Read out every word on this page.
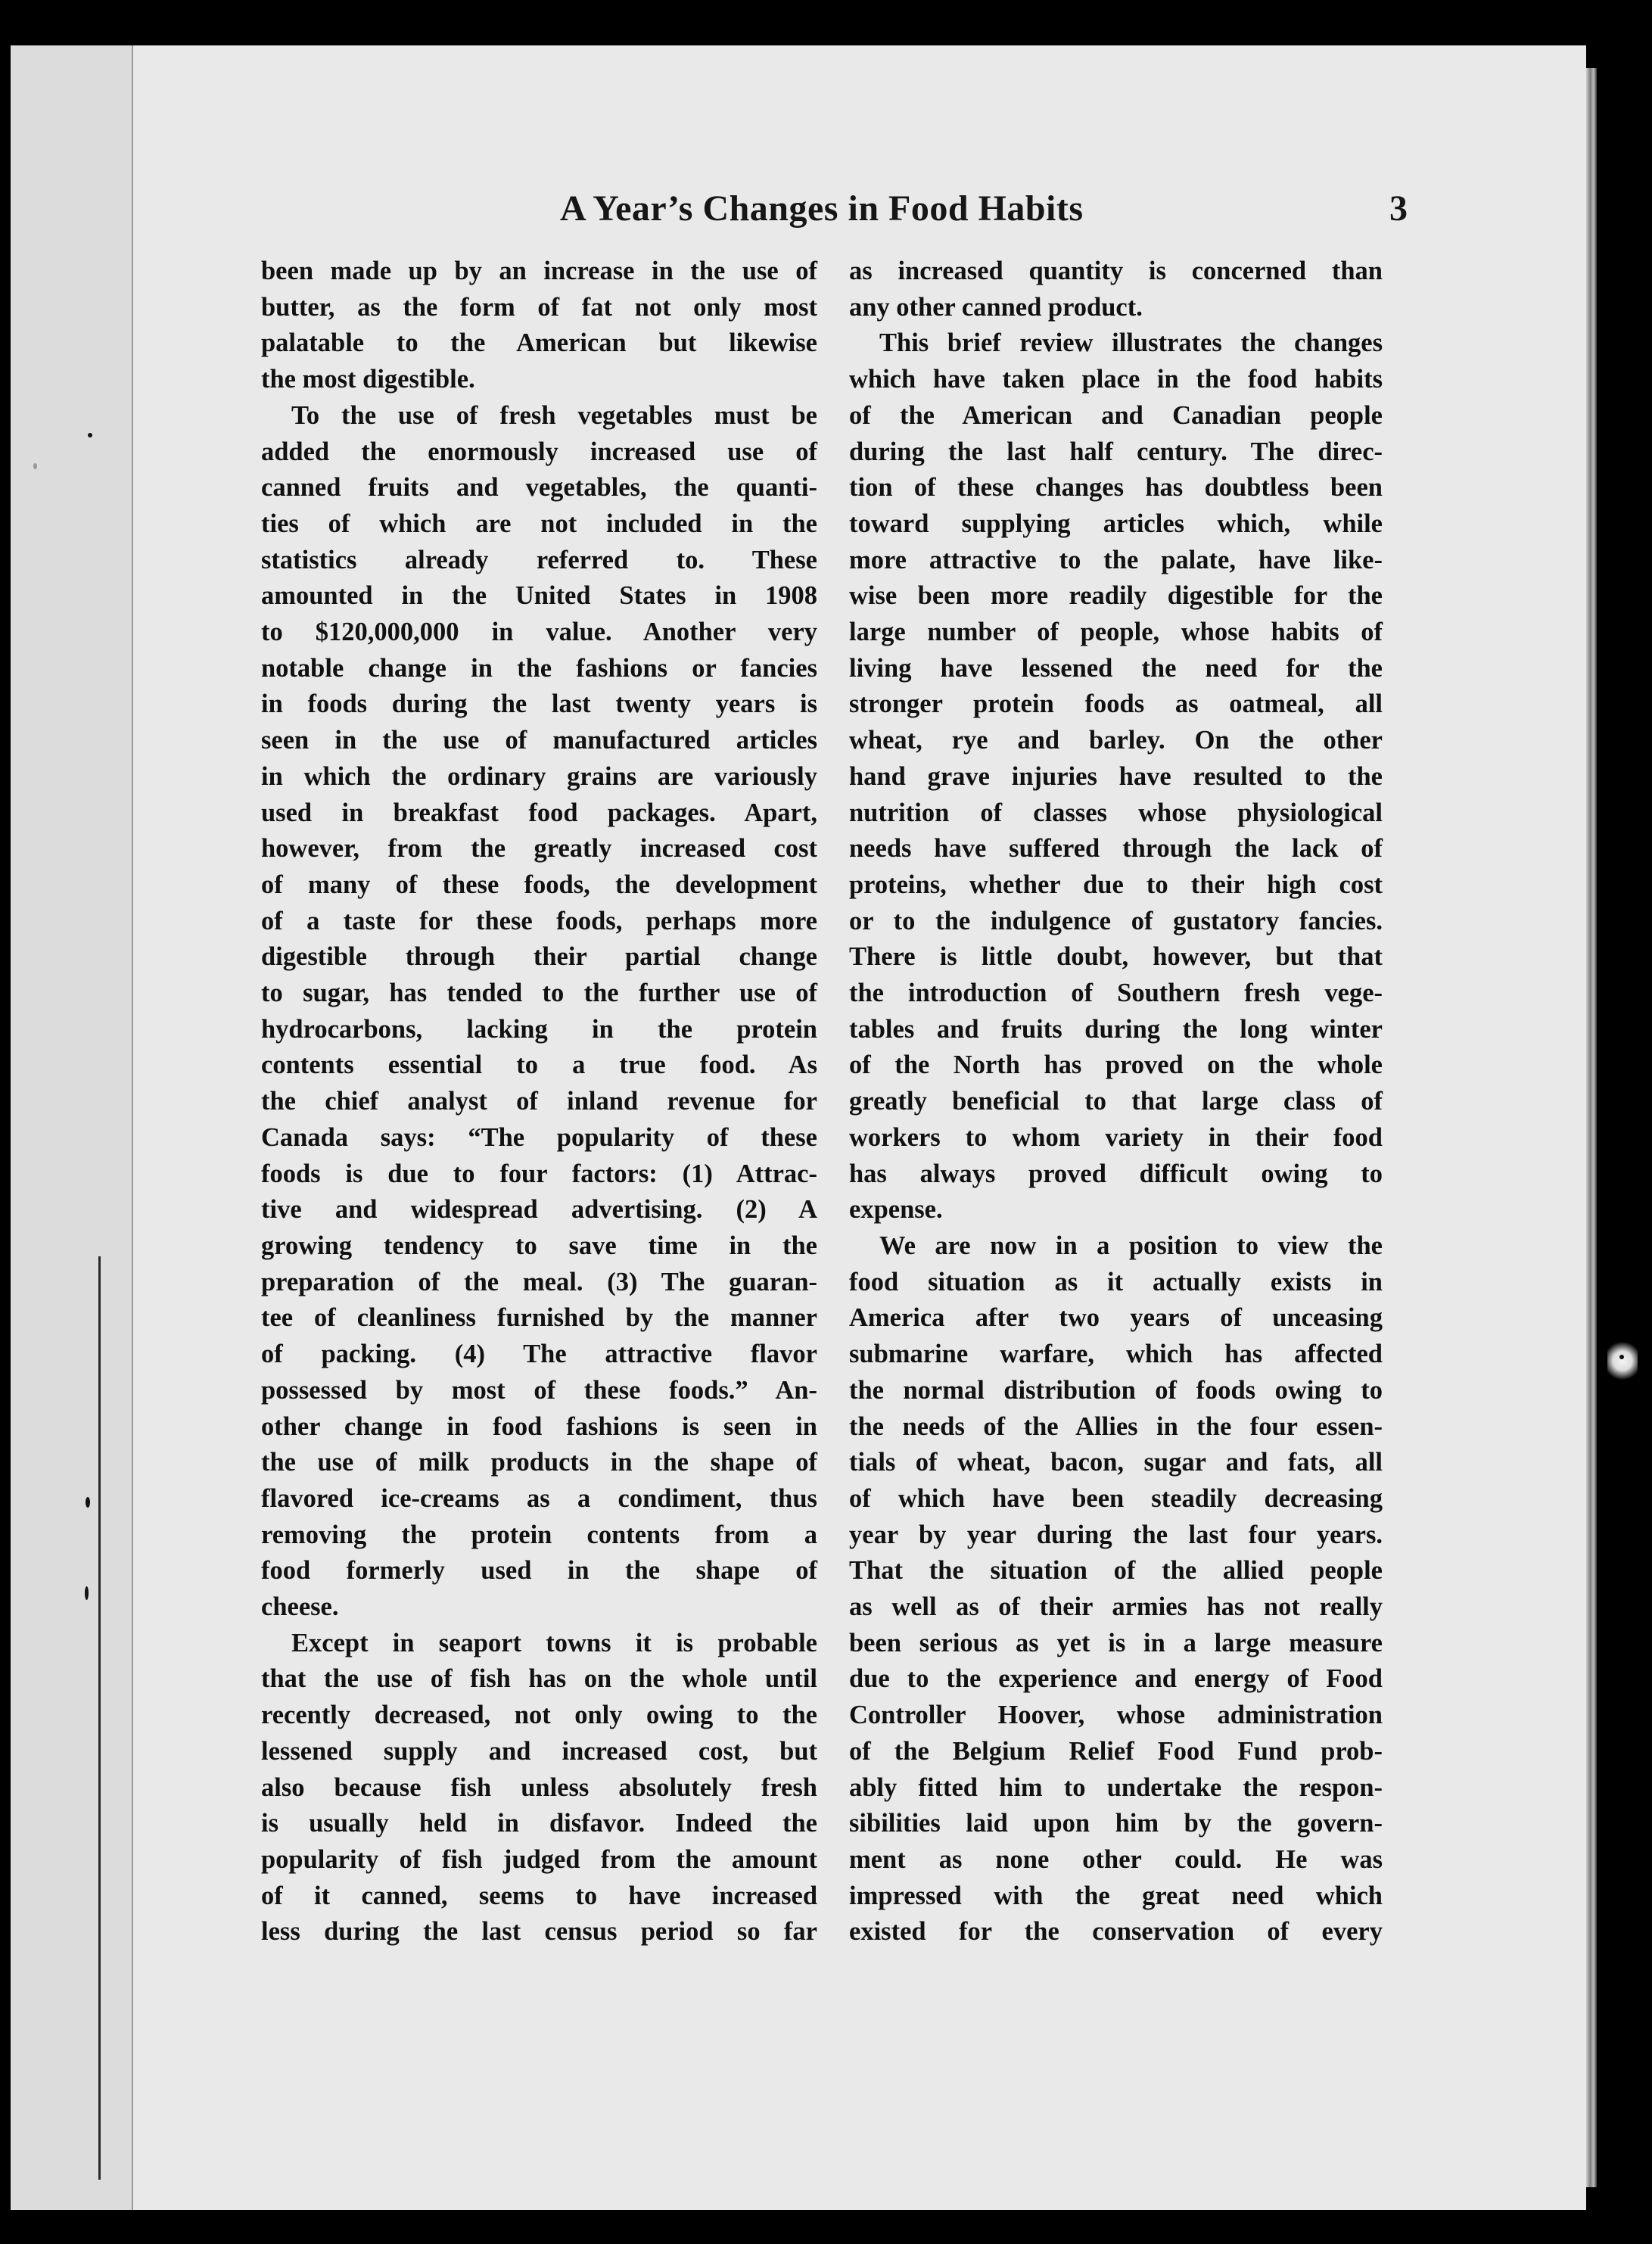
A Year’s Changes in Food Habits	3
been made up by an increase in the use of
butter, as the form of fat not only most
palatable to the American but likewise
the most digestible.
To the use of fresh vegetables must be
added the enormously increased use of
canned fruits and vegetables, the quanti-
ties of which are not included in the
statistics already referred to. These
amounted in the United States in 1908
to $120,000,000 in value. Another very
notable change in the fashions or fancies
in foods during the last twenty years is
seen in the use of manufactured articles
in which the ordinary grains are variously
used in breakfast food packages. Apart,
however, from the greatly increased cost
of many of these foods, the development
of a taste for these foods, perhaps more
digestible through their partial change
to sugar, has tended to the further use of
hydrocarbons, lacking in the protein
contents essential to a true food. As
the chief analyst of inland revenue for
Canada says: “The popularity of these
foods is due to four factors: (1) Attrac-
tive and widespread advertising. (2) A
growing tendency to save time in the
preparation of the meal. (3) The guaran-
tee of cleanliness furnished by the manner
of packing. (4) The attractive flavor
possessed by most of these foods.” An-
other change in food fashions is seen in
the use of milk products in the shape of
flavored ice-creams as a condiment, thus
removing the protein contents from a
food formerly used in the shape of
cheese.
Except in seaport towns it is probable
that the use of fish has on the whole until
recently decreased, not only owing to the
lessened supply and increased cost, but
also because fish unless absolutely fresh
is usually held in disfavor. Indeed the
popularity of fish judged from the amount
of it canned, seems to have increased
less during the last census period so far
as increased quantity is concerned than
any other canned product.
This brief review illustrates the changes
which have taken place in the food habits
of the American and Canadian people
during the last half century. The direc-
tion of these changes has doubtless been
toward supplying articles which, while
more attractive to the palate, have like-
wise been more readily digestible for the
large number of people, whose habits of
living have lessened the need for the
stronger protein foods as oatmeal, all
wheat, rye and barley. On the other
hand grave injuries have resulted to the
nutrition of classes whose physiological
needs have suffered through the lack of
proteins, whether due to their high cost
or to the indulgence of gustatory fancies.
There is little doubt, however, but that
the introduction of Southern fresh vege-
tables and fruits during the long winter
of the North has proved on the whole
greatly beneficial to that large class of
workers to whom variety in their food
has always proved difficult owing to
expense.
We are now in a position to view the
food situation as it actually exists in
America after two years of unceasing
submarine warfare, which has affected
the normal distribution of foods owing to
the needs of the Allies in the four essen-
tials of wheat, bacon, sugar and fats, all
of which have been steadily decreasing
year by year during the last four years.
That the situation of the allied people
as well as of their armies has not really
been serious as yet is in a large measure
due to the experience and energy of Food
Controller Hoover, whose administration
of the Belgium Relief Food Fund prob-
ably fitted him to undertake the respon-
sibilities laid upon him by the govern-
ment as none other could. He was
impressed with the great need which
existed for the conservation of every
